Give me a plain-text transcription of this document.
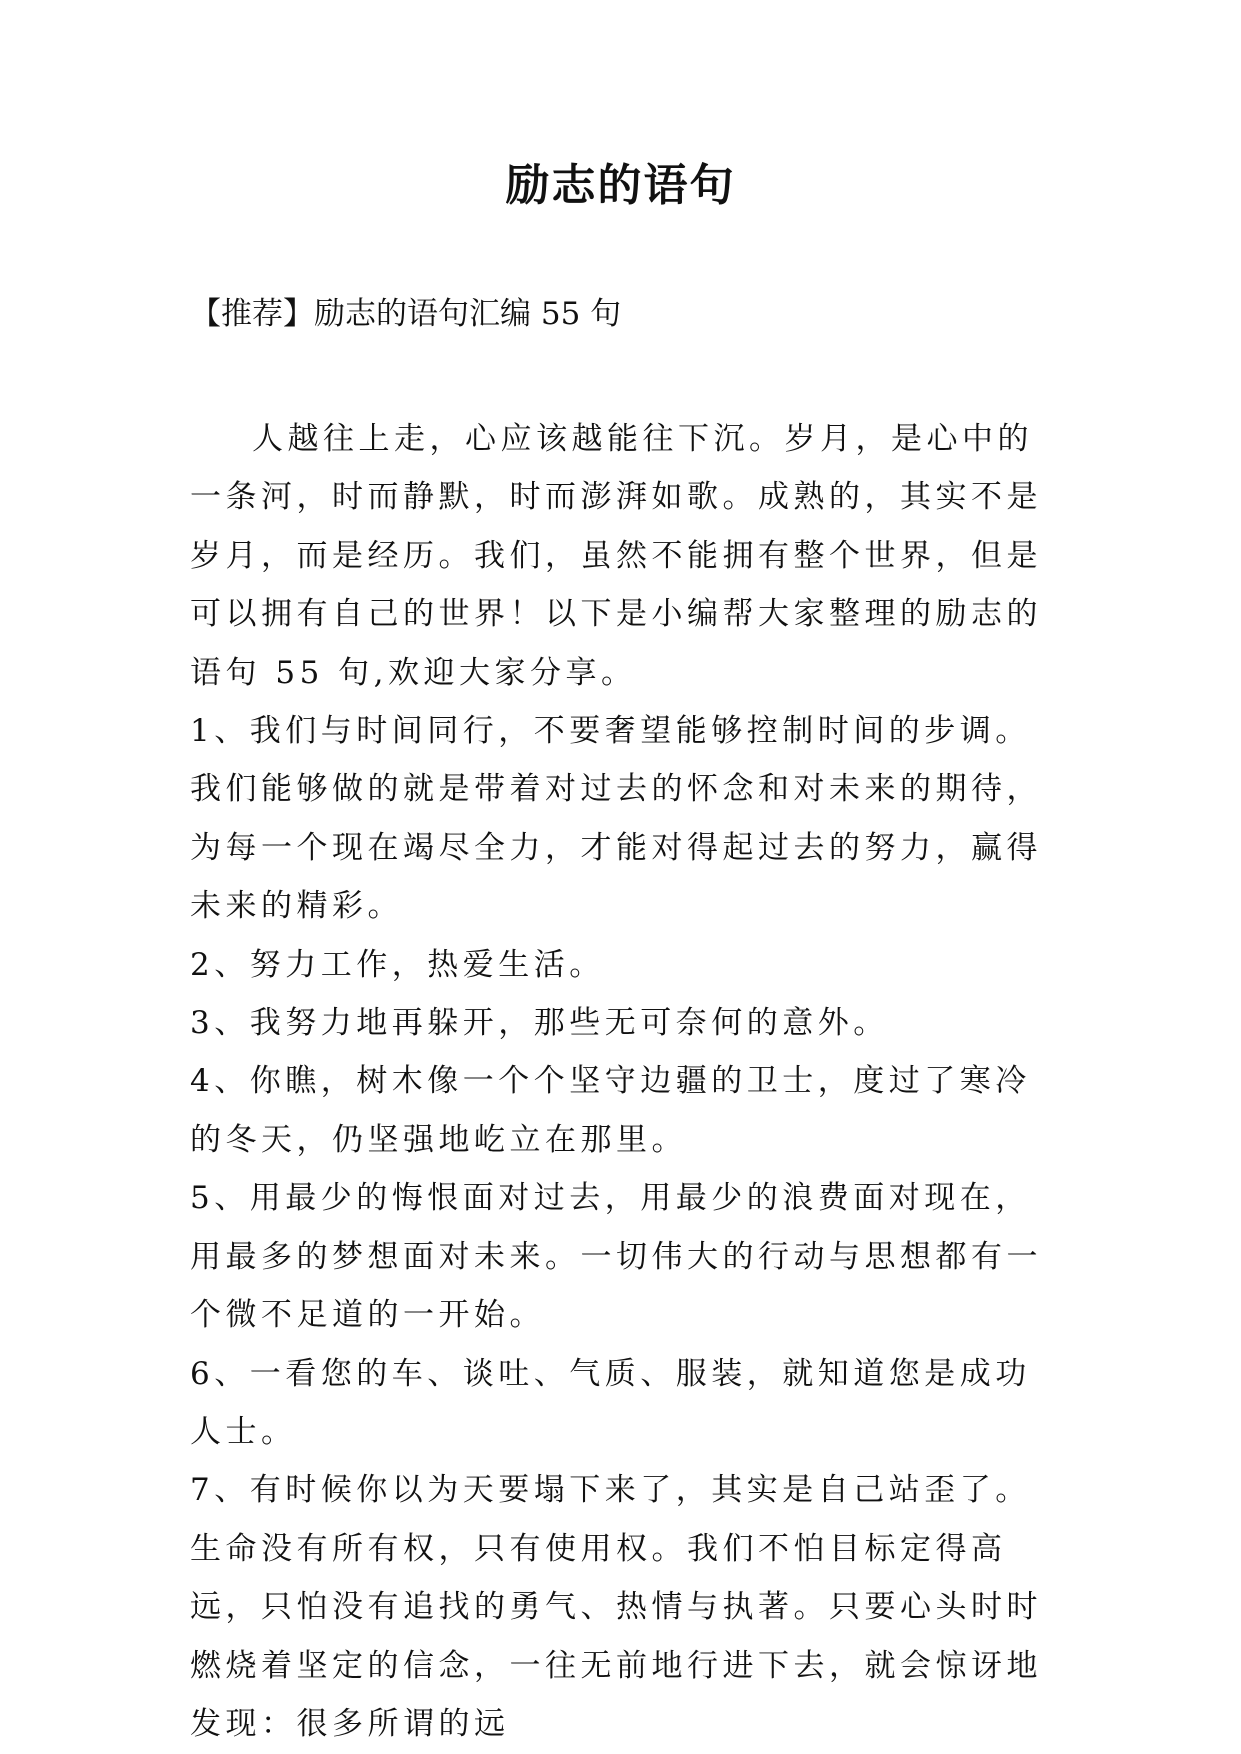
励志的语句
【推荐】励志的语句汇编 55 句

人越往上走，心应该越能往下沉。岁月，是心中的一条河，时而静默，时而澎湃如歌。成熟的，其实不是岁月，而是经历。我们，虽然不能拥有整个世界，但是可以拥有自己的世界！以下是小编帮大家整理的励志的语句 55 句,欢迎大家分享。

1、我们与时间同行，不要奢望能够控制时间的步调。我们能够做的就是带着对过去的怀念和对未来的期待，为每一个现在竭尽全力，才能对得起过去的努力，赢得未来的精彩。

2、努力工作，热爱生活。

3、我努力地再躲开，那些无可奈何的意外。

4、你瞧，树木像一个个坚守边疆的卫士，度过了寒冷的冬天，仍坚强地屹立在那里。

5、用最少的悔恨面对过去，用最少的浪费面对现在，用最多的梦想面对未来。一切伟大的行动与思想都有一个微不足道的一开始。

6、一看您的车、谈吐、气质、服装，就知道您是成功人士。

7、有时候你以为天要塌下来了，其实是自己站歪了。生命没有所有权，只有使用权。我们不怕目标定得高远，只怕没有追找的勇气、热情与执著。只要心头时时燃烧着坚定的信念，一往无前地行进下去，就会惊讶地发现：很多所谓的远
